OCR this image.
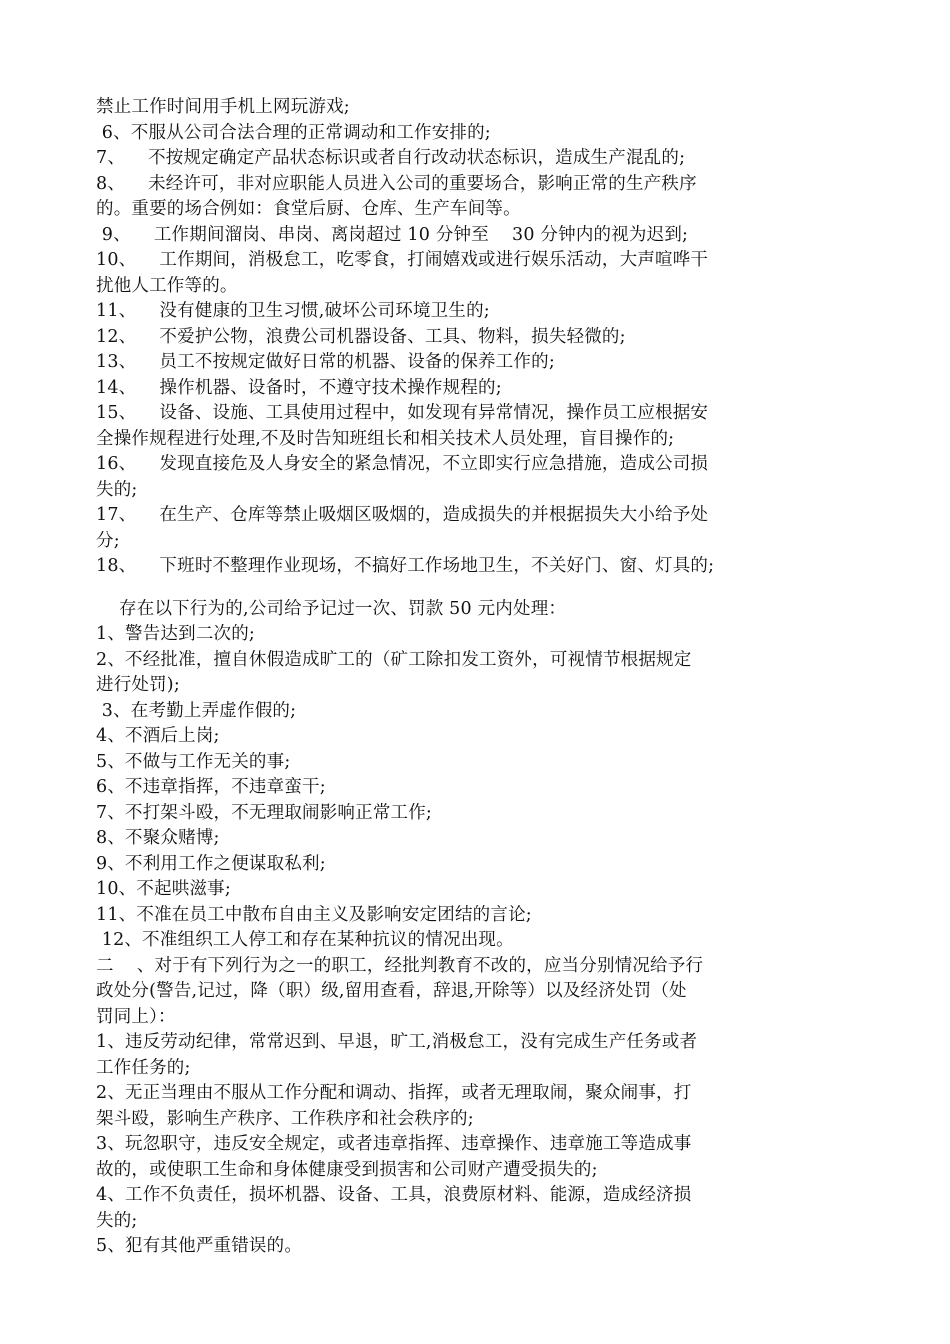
禁止工作时间用手机上网玩游戏;
6、不服从公司合法合理的正常调动和工作安排的;
7、    不按规定确定产品状态标识或者自行改动状态标识，造成生产混乱的;
8、    未经许可，非对应职能人员进入公司的重要场合，影响正常的生产秩序
的。重要的场合例如：食堂后厨、仓库、生产车间等。
9、    工作期间溜岗、串岗、离岗超过 10 分钟至    30 分钟内的视为迟到;
10、    工作期间，消极怠工，吃零食，打闹嬉戏或进行娱乐活动，大声喧哗干
扰他人工作等的。
11、    没有健康的卫生习惯,破坏公司环境卫生的;
12、    不爱护公物，浪费公司机器设备、工具、物料，损失轻微的;
13、    员工不按规定做好日常的机器、设备的保养工作的;
14、    操作机器、设备时，不遵守技术操作规程的;
15、    设备、设施、工具使用过程中，如发现有异常情况，操作员工应根据安
全操作规程进行处理,不及时告知班组长和相关技术人员处理，盲目操作的;
16、    发现直接危及人身安全的紧急情况，不立即实行应急措施，造成公司损
失的;
17、    在生产、仓库等禁止吸烟区吸烟的，造成损失的并根据损失大小给予处
分;
18、    下班时不整理作业现场，不搞好工作场地卫生，不关好门、窗、灯具的;
存在以下行为的,公司给予记过一次、罚款 50 元内处理：
1、警告达到二次的;
2、不经批准，擅自休假造成旷工的（矿工除扣发工资外，可视情节根据规定
进行处罚);
3、在考勤上弄虚作假的;
4、不酒后上岗;
5、不做与工作无关的事;
6、不违章指挥，不违章蛮干;
7、不打架斗殴，不无理取闹影响正常工作;
8、不聚众赌博;
9、不利用工作之便谋取私利;
10、不起哄滋事;
11、不准在员工中散布自由主义及影响安定团结的言论;
12、不准组织工人停工和存在某种抗议的情况出现。
二    、对于有下列行为之一的职工，经批判教育不改的，应当分别情况给予行
政处分(警告,记过，降（职）级,留用查看，辞退,开除等）以及经济处罚（处
罚同上）：
1、违反劳动纪律，常常迟到、早退，旷工,消极怠工，没有完成生产任务或者
工作任务的;
2、无正当理由不服从工作分配和调动、指挥，或者无理取闹，聚众闹事，打
架斗殴，影响生产秩序、工作秩序和社会秩序的;
3、玩忽职守，违反安全规定，或者违章指挥、违章操作、违章施工等造成事
故的，或使职工生命和身体健康受到损害和公司财产遭受损失的;
4、工作不负责任，损坏机器、设备、工具，浪费原材料、能源，造成经济损
失的;
5、犯有其他严重错误的。
